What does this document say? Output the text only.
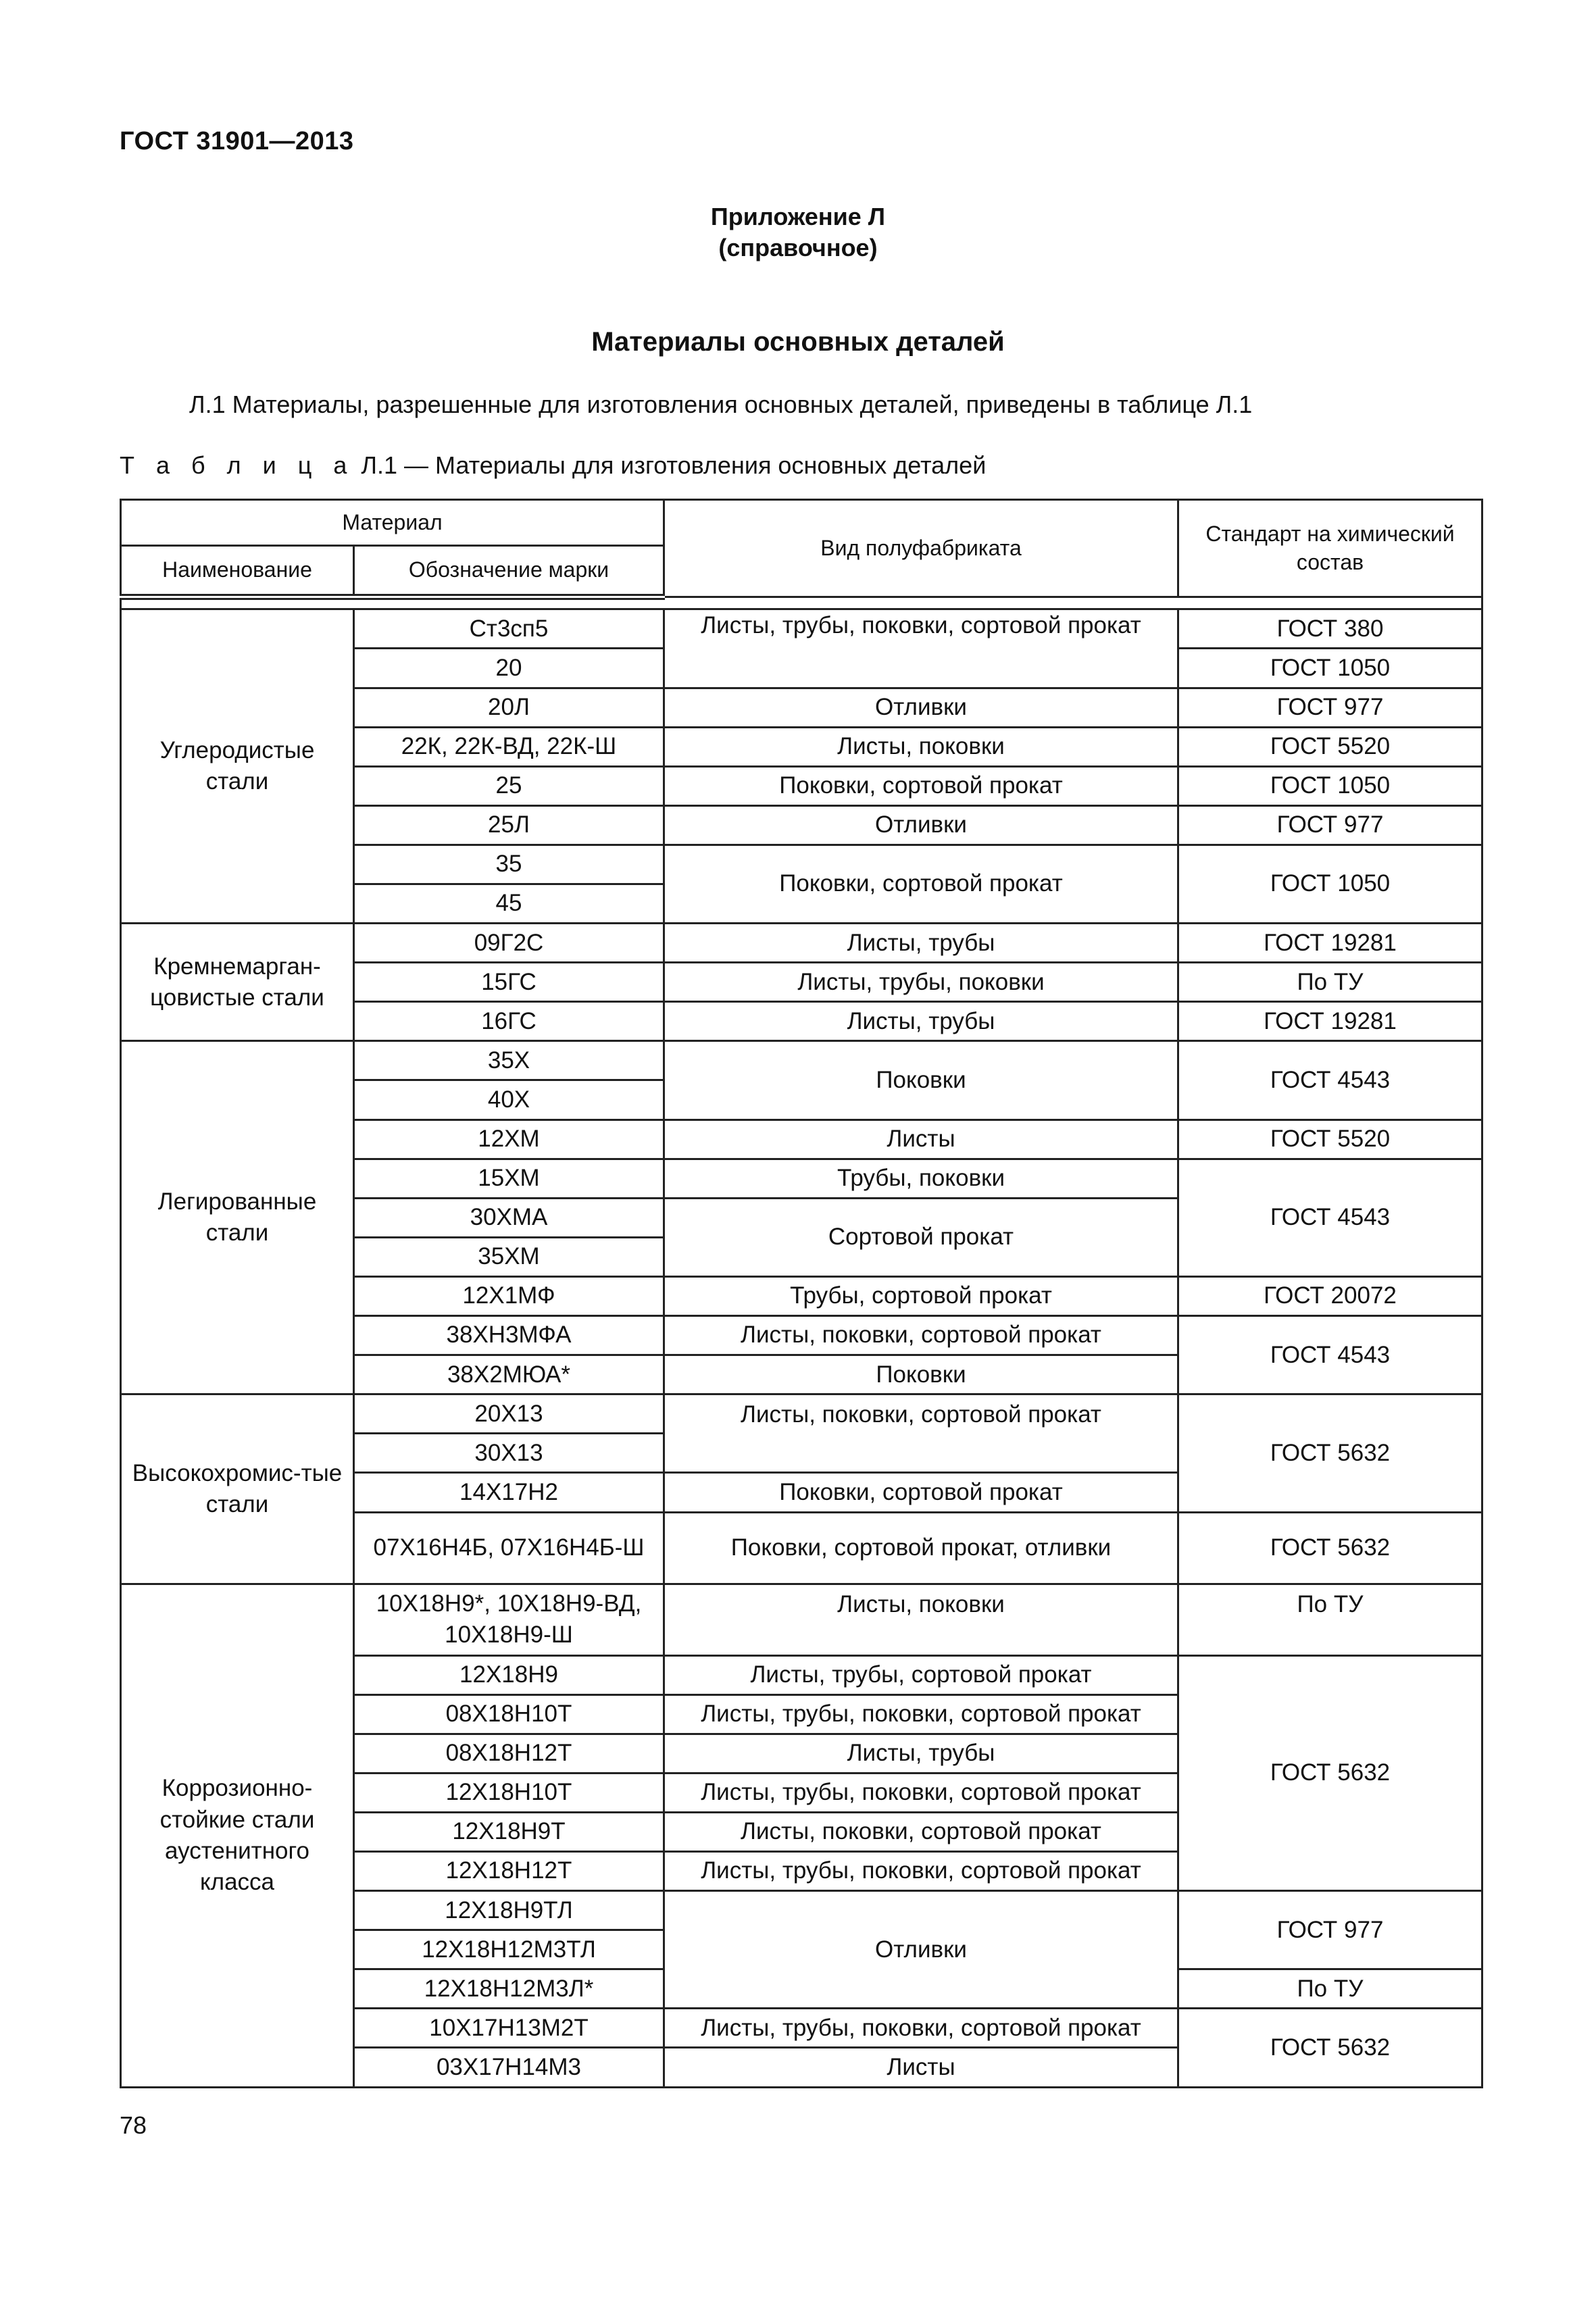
ГОСТ 31901—2013
Приложение Л
(справочное)
Материалы основных деталей
Л.1 Материалы, разрешенные для изготовления основных деталей, приведены в таблице Л.1
Т а б л и ц а Л.1 — Материалы для изготовления основных деталей
Материал		Вид полуфабриката	Стандарт на химический состав
Наименование	Обозначение марки		

Углеродистые стали	Ст3сп5	Листы, трубы, поковки, сортовой прокат	ГОСТ 380
	20		ГОСТ 1050
	20Л	Отливки	ГОСТ 977
	22К, 22К-ВД, 22К-Ш	Листы, поковки	ГОСТ 5520
	25	Поковки, сортовой прокат	ГОСТ 1050
	25Л	Отливки	ГОСТ 977
	35	Поковки, сортовой прокат	ГОСТ 1050
	45		
Кремнемарган-цовистые стали	09Г2С	Листы, трубы	ГОСТ 19281
	15ГС	Листы, трубы, поковки	По ТУ
	16ГС	Листы, трубы	ГОСТ 19281
Легированные стали	35Х	Поковки	ГОСТ 4543
	40Х		
	12ХМ	Листы	ГОСТ 5520
	15ХМ	Трубы, поковки	ГОСТ 4543
	30ХМА	Сортовой прокат	
	35ХМ		
	12Х1МФ	Трубы, сортовой прокат	ГОСТ 20072
	38ХН3МФА	Листы, поковки, сортовой прокат	ГОСТ 4543
	38Х2МЮА*	Поковки	
Высокохромис-тые стали	20Х13	Листы, поковки, сортовой прокат	ГОСТ 5632
	30Х13		
	14Х17Н2	Поковки, сортовой прокат	
	07Х16Н4Б, 07Х16Н4Б-Ш	Поковки, сортовой прокат, отливки	ГОСТ 5632
Коррозионно-стойкие стали аустенитного класса	10Х18Н9*, 10Х18Н9-ВД, 10Х18Н9-Ш	Листы, поковки	По ТУ
	12Х18Н9	Листы, трубы, сортовой прокат	ГОСТ 5632
	08Х18Н10Т	Листы, трубы, поковки, сортовой прокат	
	08Х18Н12Т	Листы, трубы	
	12Х18Н10Т	Листы, трубы, поковки, сортовой прокат	
	12Х18Н9Т	Листы, поковки, сортовой прокат	
	12Х18Н12Т	Листы, трубы, поковки, сортовой прокат	
	12Х18Н9ТЛ	Отливки	ГОСТ 977
	12Х18Н12М3ТЛ		
	12Х18Н12М3Л*		По ТУ
	10Х17Н13М2Т	Листы, трубы, поковки, сортовой прокат	ГОСТ 5632
	03Х17Н14М3	Листы	
78
